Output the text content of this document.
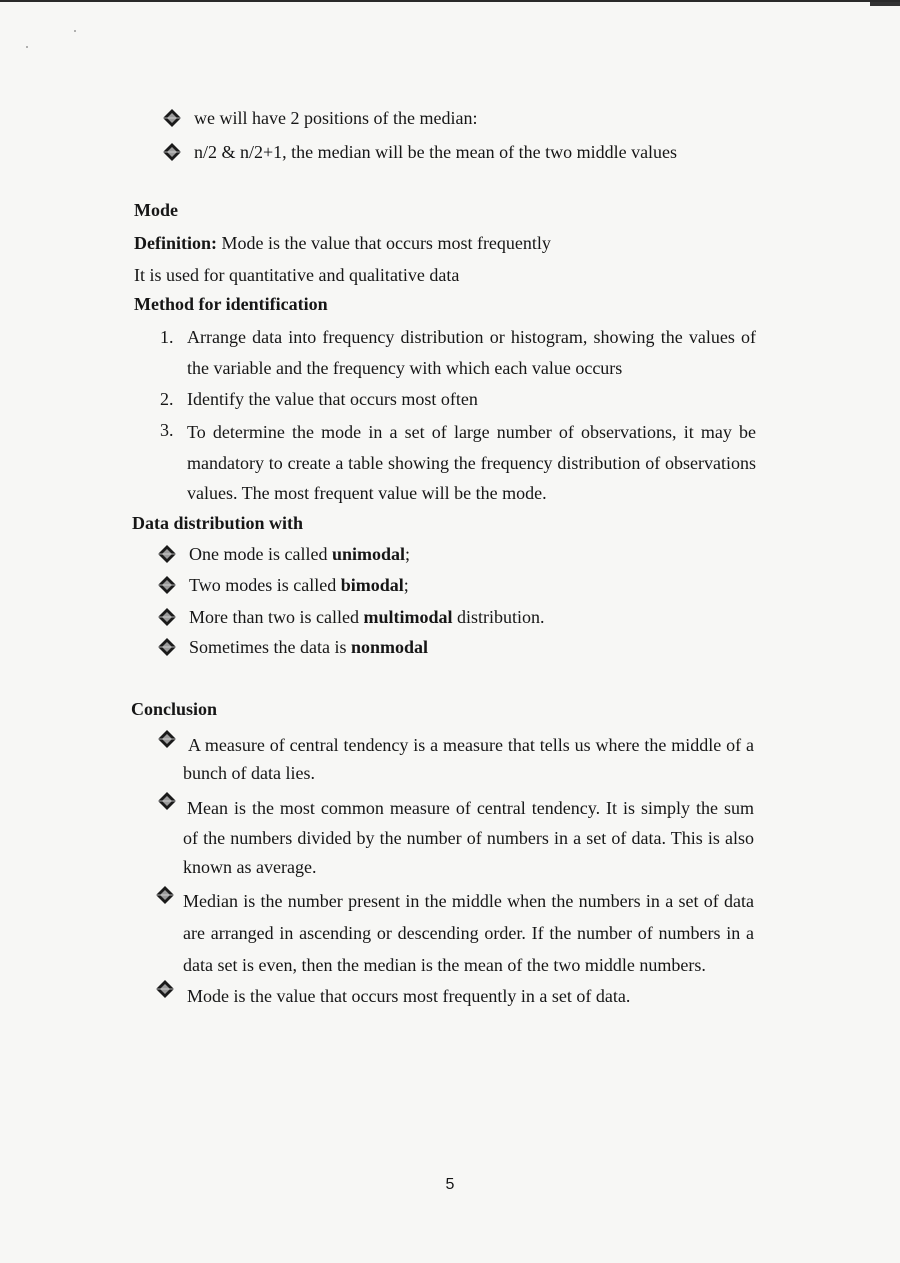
we will have 2 positions of the median:
n/2 & n/2+1, the median will be the mean of the two middle values
Mode
Definition: Mode is the value that occurs most frequently
It is used for quantitative and qualitative data
Method for identification
1. Arrange data into frequency distribution or histogram, showing the values of
the variable and the frequency with which each value occurs
2. Identify the value that occurs most often
3. To determine the mode in a set of large number of observations, it may be
mandatory to create a table showing the frequency distribution of observations
values. The most frequent value will be the mode.
Data distribution with
One mode is called unimodal;
Two modes is called bimodal;
More than two is called multimodal distribution.
Sometimes the data is nonmodal
Conclusion
A measure of central tendency is a measure that tells us where the middle of a
bunch of data lies.
Mean is the most common measure of central tendency. It is simply the sum
of the numbers divided by the number of numbers in a set of data. This is also
known as average.
Median is the number present in the middle when the numbers in a set of data
are arranged in ascending or descending order. If the number of numbers in a
data set is even, then the median is the mean of the two middle numbers.
Mode is the value that occurs most frequently in a set of data.
5
